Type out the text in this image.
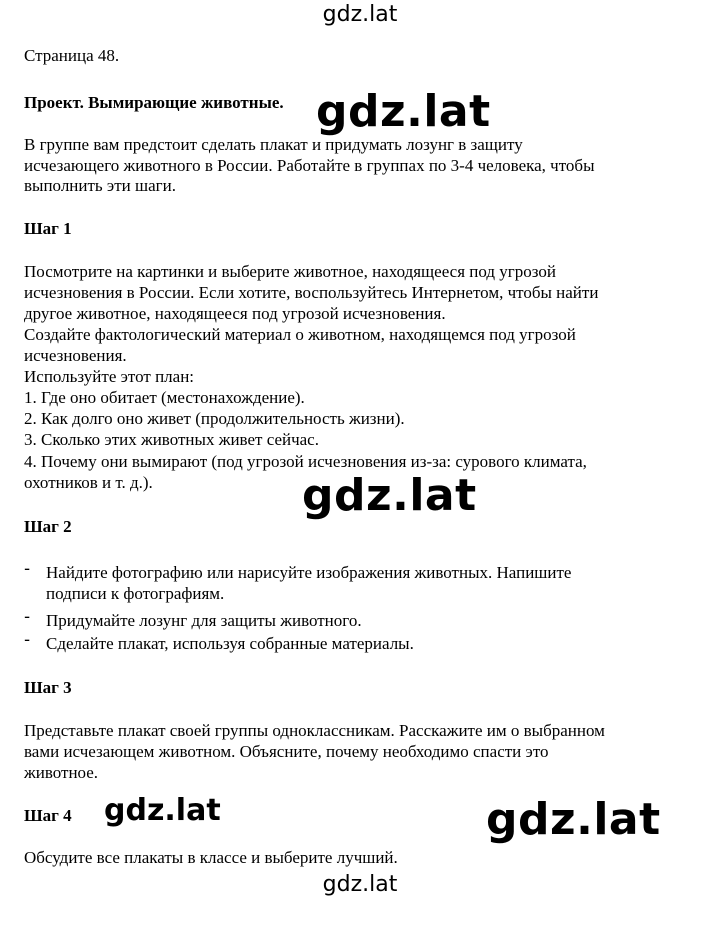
gdz.lat
Страница 48.
Проект. Вымирающие животные.
В группе вам предстоит сделать плакат и придумать лозунг в защиту
исчезающего животного в России. Работайте в группах по 3-4 человека, чтобы
выполнить эти шаги.
Шаг 1
Посмотрите на картинки и выберите животное, находящееся под угрозой
исчезновения в России. Если хотите, воспользуйтесь Интернетом, чтобы найти
другое животное, находящееся под угрозой исчезновения.
Создайте фактологический материал о животном, находящемся под угрозой
исчезновения.
Используйте этот план:
1. Где оно обитает (местонахождение).
2. Как долго оно живет (продолжительность жизни).
3. Сколько этих животных живет сейчас.
4. Почему они вымирают (под угрозой исчезновения из-за: сурового климата,
охотников и т. д.).	gdz.lat
Шаг 2
- Найдите фотографию или нарисуйте изображения животных. Напишите
подписи к фотографиям.
- Придумайте лозунг для защиты животного.
- Сделайте плакат, используя собранные материалы.
Шаг 3
Представьте плакат своей группы одноклассникам. Расскажите им о выбранном
вами исчезающем животном. Объясните, почему необходимо спасти это
животное.
Шаг 4 gdz.lat	gdz.lat
Обсудите все плакаты в классе и выберите лучший.
gdz.lat
gdz.lat
